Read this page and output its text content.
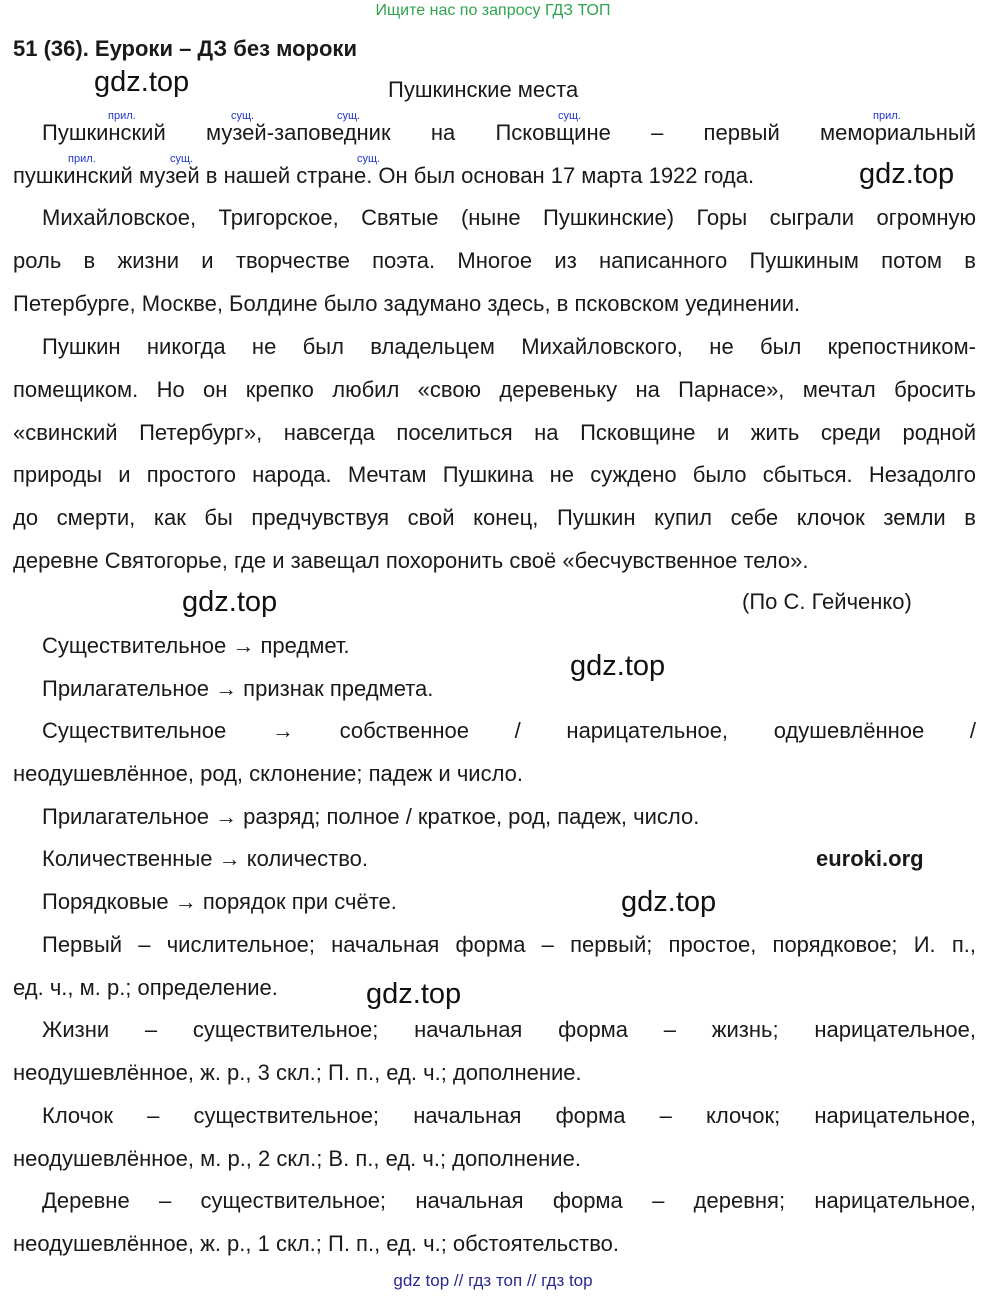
Ищите нас по запросу ГДЗ ТОП
51 (36). Еуроки – ДЗ без мороки
gdz.top	Пушкинские места
прил.	сущ.	сущ.	сущ.	прил.
прил.	сущ.	сущ.
Пушкинский музей-заповедник на Псковщине – первый мемориальный
пушкинский музей в нашей стране. Он был основан 17 марта 1922 года.	gdz.top
Михайловское, Тригорское, Святые (ныне Пушкинские) Горы сыграли огромную
роль в жизни и творчестве поэта. Многое из написанного Пушкиным потом в
Петербурге, Москве, Болдине было задумано здесь, в псковском уединении.
Пушкин никогда не был владельцем Михайловского, не был крепостником-
помещиком. Но он крепко любил «свою деревеньку на Парнасе», мечтал бросить
«свинский Петербург», навсегда поселиться на Псковщине и жить среди родной
природы и простого народа. Мечтам Пушкина не суждено было сбыться. Незадолго
до смерти, как бы предчувствуя свой конец, Пушкин купил себе клочок земли в
деревне Святогорье, где и завещал похоронить своё «бесчувственное тело».
gdz.top	(По С. Гейченко)
Существительное → предмет.
gdz.top
Прилагательное → признак предмета.
Существительное → собственное / нарицательное, одушевлённое /
неодушевлённое, род, склонение; падеж и число.
Прилагательное → разряд; полное / краткое, род, падеж, число.
Количественные → количество.	euroki.org
Порядковые → порядок при счёте.	gdz.top
Первый – числительное; начальная форма – первый; простое, порядковое; И. п.,
ед. ч., м. р.; определение.	gdz.top
Жизни – существительное; начальная форма – жизнь; нарицательное,
неодушевлённое, ж. р., 3 скл.; П. п., ед. ч.; дополнение.
Клочок – существительное; начальная форма – клочок; нарицательное,
неодушевлённое, м. р., 2 скл.; В. п., ед. ч.; дополнение.
Деревне – существительное; начальная форма – деревня; нарицательное,
неодушевлённое, ж. р., 1 скл.; П. п., ед. ч.; обстоятельство.
gdz top // гдз топ // гдз top
